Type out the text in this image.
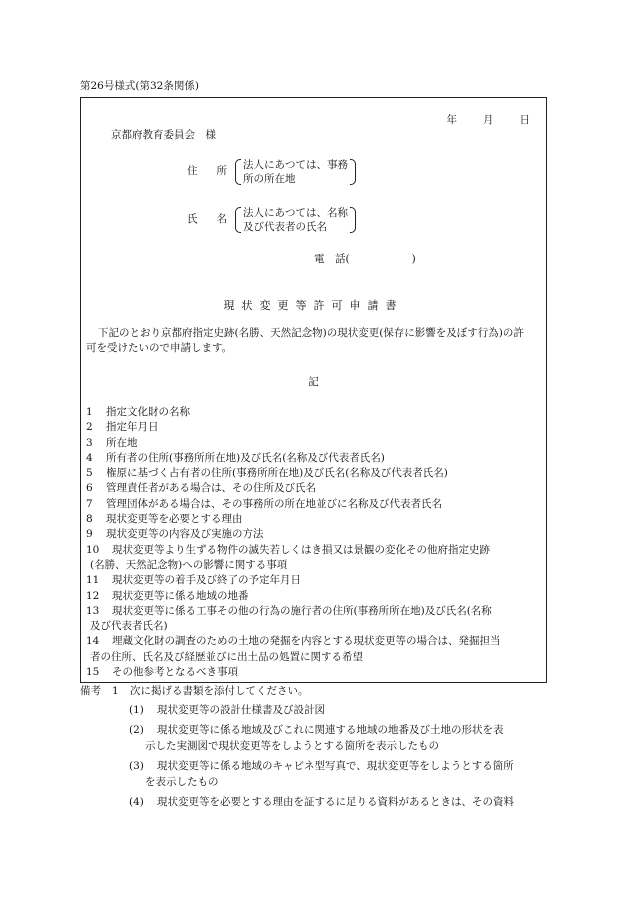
第26号様式(第32条関係)
年 月 日
京都府教育委員会　様
住 所
法人にあつては、事務
所の所在地
氏 名
法人にあつては、名称
及び代表者の氏名
電　話(	)
現状変更等許可申請書
下記のとおり京都府指定史跡(名勝、天然記念物)の現状変更(保存に影響を及ぼす行為)の許可を受けたいので申請します。
記
1	指定文化財の名称
2	指定年月日
3	所在地
4	所有者の住所(事務所所在地)及び氏名(名称及び代表者氏名)
5	権原に基づく占有者の住所(事務所所在地)及び氏名(名称及び代表者氏名)
6	管理責任者がある場合は、その住所及び氏名
7	管理団体がある場合は、その事務所の所在地並びに名称及び代表者氏名
8	現状変更等を必要とする理由
9	現状変更等の内容及び実施の方法
10	現状変更等より生ずる物件の滅失若しくはき損又は景観の変化その他府指定史跡
(名勝、天然記念物)への影響に関する事項
11	現状変更等の着手及び終了の予定年月日
12	現状変更等に係る地域の地番
13	現状変更等に係る工事その他の行為の施行者の住所(事務所所在地)及び氏名(名称
及び代表者氏名)
14	埋蔵文化財の調査のための土地の発掘を内容とする現状変更等の場合は、発掘担当
者の住所、氏名及び経歴並びに出土品の処置に関する希望
15	その他参考となるべき事項
備考	1	次に掲げる書類を添付してください。
(1)	現状変更等の設計仕様書及び設計図
(2)	現状変更等に係る地域及びこれに関連する地域の地番及び土地の形状を表
示した実測図で現状変更等をしようとする箇所を表示したもの
(3)	現状変更等に係る地域のキャビネ型写真で、現状変更等をしようとする箇所
を表示したもの
(4)	現状変更等を必要とする理由を証するに足りる資料があるときは、その資料
